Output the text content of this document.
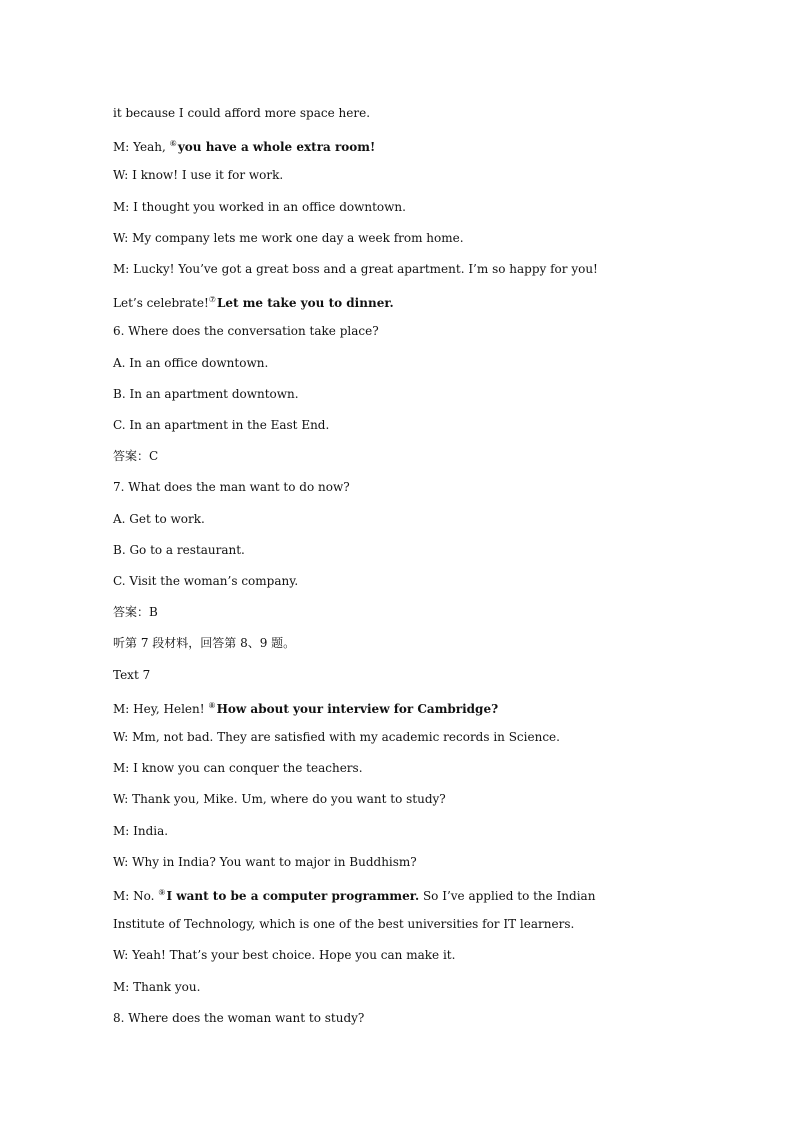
it because I could afford more space here.
M: Yeah, ⑥you have a whole extra room!
W: I know! I use it for work.
M: I thought you worked in an office downtown.
W: My company lets me work one day a week from home.
M: Lucky! You’ve got a great boss and a great apartment. I’m so happy for you!
Let’s celebrate!⑦Let me take you to dinner.
6. Where does the conversation take place?
A. In an office downtown.
B. In an apartment downtown.
C. In an apartment in the East End.
答案：C
7. What does the man want to do now?
A. Get to work.
B. Go to a restaurant.
C. Visit the woman’s company.
答案：B
听第 7 段材料，回答第 8、9 题。
Text 7
M: Hey, Helen! ⑧How about your interview for Cambridge?
W: Mm, not bad. They are satisfied with my academic records in Science.
M: I know you can conquer the teachers.
W: Thank you, Mike. Um, where do you want to study?
M: India.
W: Why in India? You want to major in Buddhism?
M: No. ⑨I want to be a computer programmer. So I’ve applied to the Indian
Institute of Technology, which is one of the best universities for IT learners.
W: Yeah! That’s your best choice. Hope you can make it.
M: Thank you.
8. Where does the woman want to study?
